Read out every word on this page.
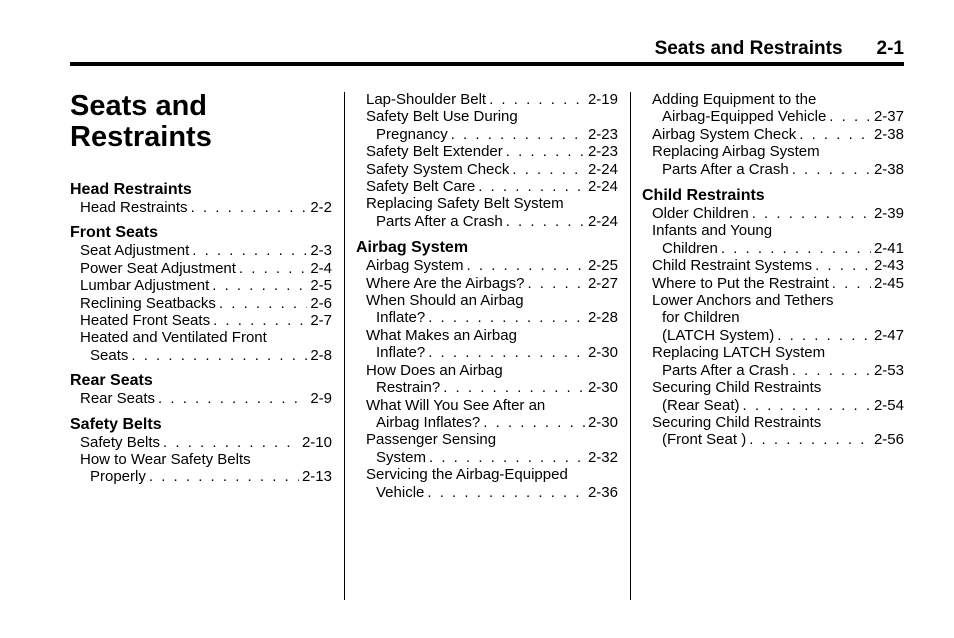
Seats and Restraints 2-1
Seats and
Restraints
Head Restraints
Head Restraints . . .	2-2
Front Seats
Seat Adjustment . . .	2-3
Power Seat Adjustment . . .	2-4
Lumbar Adjustment . . .	2-5
Reclining Seatbacks . . .	2-6
Heated Front Seats . . .	2-7
Heated and Ventilated Front
Seats . . .	2-8
Rear Seats
Rear Seats . . .	2-9
Safety Belts
Safety Belts . . .	2-10
How to Wear Safety Belts
Properly . . .	2-13
Lap-Shoulder Belt . . .	2-19
Safety Belt Use During
Pregnancy . . .	2-23
Safety Belt Extender . . .	2-23
Safety System Check . . .	2-24
Safety Belt Care . . .	2-24
Replacing Safety Belt System
Parts After a Crash . . .	2-24
Airbag System
Airbag System . . .	2-25
Where Are the Airbags? . . .	2-27
When Should an Airbag
Inflate? . . .	2-28
What Makes an Airbag
Inflate? . . .	2-30
How Does an Airbag
Restrain? . . .	2-30
What Will You See After an
Airbag Inflates? . . .	2-30
Passenger Sensing
System . . .	2-32
Servicing the Airbag-Equipped
Vehicle . . .	2-36
Adding Equipment to the
Airbag-Equipped Vehicle . . .	2-37
Airbag System Check . . .	2-38
Replacing Airbag System
Parts After a Crash . . .	2-38
Child Restraints
Older Children . . .	2-39
Infants and Young
Children . . .	2-41
Child Restraint Systems . . .	2-43
Where to Put the Restraint . . .	2-45
Lower Anchors and Tethers
for Children
(LATCH System) . . .	2-47
Replacing LATCH System
Parts After a Crash . . .	2-53
Securing Child Restraints
(Rear Seat) . . .	2-54
Securing Child Restraints
(Front Seat ) . . .	2-56
